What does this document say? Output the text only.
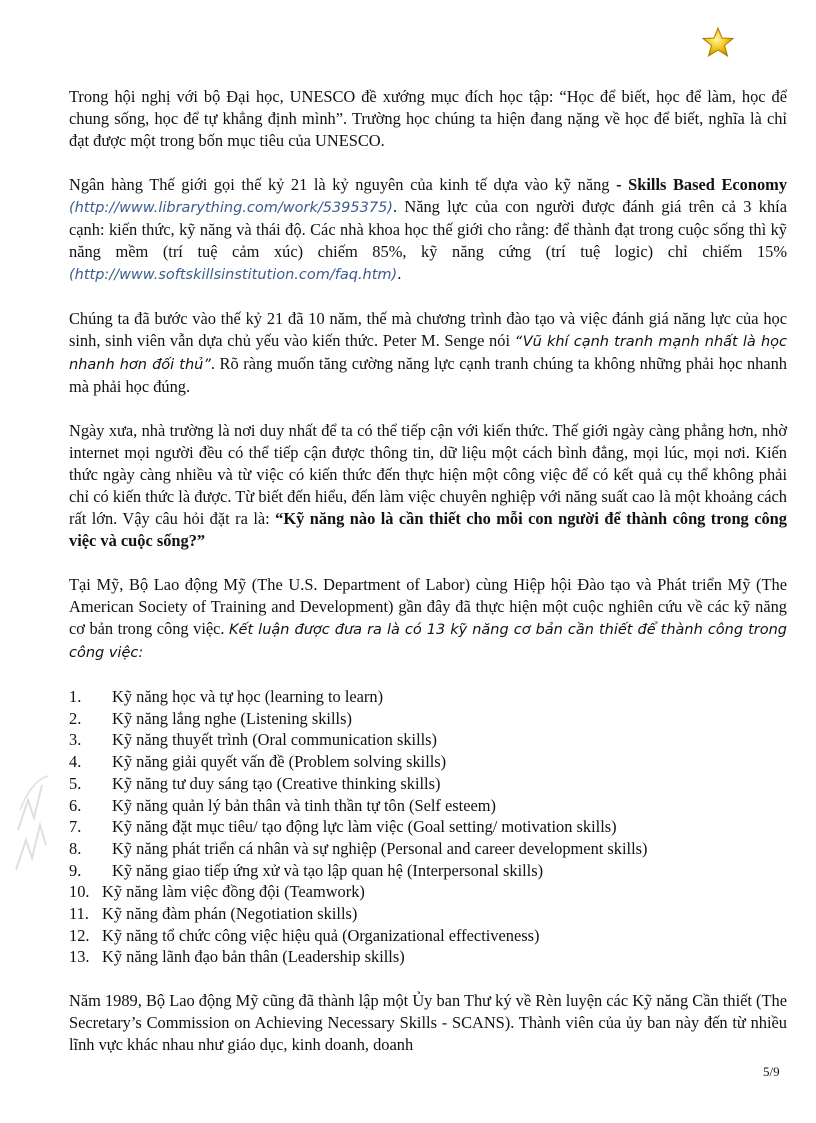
Trong hội nghị với bộ Đại học, UNESCO đề xướng mục đích học tập: “Học để biết, học để làm, học để chung sống, học để tự khẳng định mình”. Trường học chúng ta hiện đang nặng về học để biết, nghĩa là chỉ đạt được một trong bốn mục tiêu của UNESCO.

Ngân hàng Thế giới gọi thế kỷ 21 là kỷ nguyên của kinh tế dựa vào kỹ năng - Skills Based Economy (http://www.librarything.com/work/5395375). Năng lực của con người được đánh giá trên cả 3 khía cạnh: kiến thức, kỹ năng và thái độ. Các nhà khoa học thế giới cho rằng: để thành đạt trong cuộc sống thì kỹ năng mềm (trí tuệ cảm xúc) chiếm 85%, kỹ năng cứng (trí tuệ logic) chỉ chiếm 15% (http://www.softskillsinstitution.com/faq.htm).

Chúng ta đã bước vào thế kỷ 21 đã 10 năm, thế mà chương trình đào tạo và việc đánh giá năng lực của học sinh, sinh viên vẫn dựa chủ yếu vào kiến thức. Peter M. Senge nói “Vũ khí cạnh tranh mạnh nhất là học nhanh hơn đối thủ”. Rõ ràng muốn tăng cường năng lực cạnh tranh chúng ta không những phải học nhanh mà phải học đúng.

Ngày xưa, nhà trường là nơi duy nhất để ta có thể tiếp cận với kiến thức. Thế giới ngày càng phẳng hơn, nhờ internet mọi người đều có thể tiếp cận được thông tin, dữ liệu một cách bình đẳng, mọi lúc, mọi nơi. Kiến thức ngày càng nhiều và từ việc có kiến thức đến thực hiện một công việc để có kết quả cụ thể không phải chỉ có kiến thức là được. Từ biết đến hiểu, đến làm việc chuyên nghiệp với năng suất cao là một khoảng cách rất lớn. Vậy câu hỏi đặt ra là: “Kỹ năng nào là cần thiết cho mỗi con người để thành công trong công việc và cuộc sống?”

Tại Mỹ, Bộ Lao động Mỹ (The U.S. Department of Labor) cùng Hiệp hội Đào tạo và Phát triển Mỹ (The American Society of Training and Development) gần đây đã thực hiện một cuộc nghiên cứu về các kỹ năng cơ bản trong công việc. Kết luận được đưa ra là có 13 kỹ năng cơ bản cần thiết để thành công trong công việc:

1.	Kỹ năng học và tự học (learning to learn)
2.	Kỹ năng lắng nghe (Listening skills)
3.	Kỹ năng thuyết trình (Oral communication skills)
4.	Kỹ năng giải quyết vấn đề (Problem solving skills)
5.	Kỹ năng tư duy sáng tạo (Creative thinking skills)
6.	Kỹ năng quản lý bản thân và tinh thần tự tôn (Self esteem)
7.	Kỹ năng đặt mục tiêu/ tạo động lực làm việc (Goal setting/ motivation skills)
8.	Kỹ năng phát triển cá nhân và sự nghiệp (Personal and career development skills)
9.	Kỹ năng giao tiếp ứng xử và tạo lập quan hệ (Interpersonal skills)
10. Kỹ năng làm việc đồng đội (Teamwork)
11. Kỹ năng đàm phán (Negotiation skills)
12. Kỹ năng tổ chức công việc hiệu quả (Organizational effectiveness)
13. Kỹ năng lãnh đạo bản thân (Leadership skills)

Năm 1989, Bộ Lao động Mỹ cũng đã thành lập một Ủy ban Thư ký về Rèn luyện các Kỹ năng Cần thiết (The Secretary’s Commission on Achieving Necessary Skills - SCANS). Thành viên của ủy ban này đến từ nhiều lĩnh vực khác nhau như giáo dục, kinh doanh, doanh

5/9
